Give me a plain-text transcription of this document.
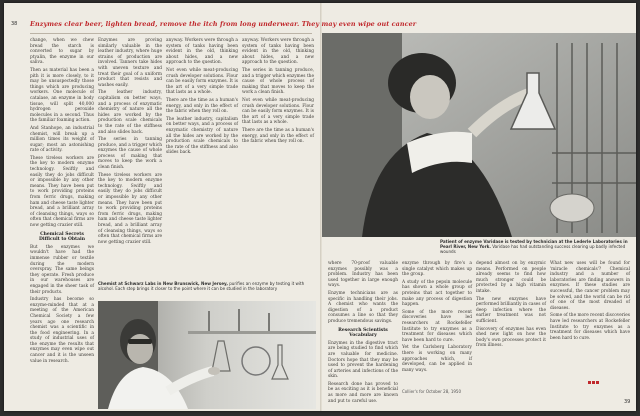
38
39
Enzymes clear beer, lighten bread, remove the itch from long underwear. They may even wipe out cancer

change, when we chew bread the starch is converted to sugar by ptyalin, the enzyme in our saliva.

Then as material has been a pith it is more closely, to it may be unsuspectedly those things which are producing workers. One molecule of catalase, an enzyme in body tissue, will split 40,000 hydrogen peroxide molecules in a second. Thus the familiar foaming action.

And Stanhope, an industrial chemist, will break up a million times its weight of sugar; most an astonishing rate of activity.

These tireless workers are the key to modern enzyme technology. Swiftly and easily they do jobs difficult or impossible by any other means. They have been put to work providing proteins from ferric drugs, making ham and cheese taste lighter bread, and a brilliant array of cleansing things, ways so often that chemical firms are now getting crazier still.

Chemical Secrets Difficult to Obtain

But the enzymes we wouldn't have had the immense rubber or textile during the modern overspray. The same beings they operate. Fresh produce in our warehouses are engaged in the sheer task of their products.

Industry has become so enzyme-minded that at a meeting of the American Chemical Society a few years ago one research chemist was a scientific in the food engineering. In a study of industrial uses of the enzyme the results that enzymes may even wipe out cancer and it is the unseen value in research.

Enzymes are proving similarly valuable in the leather industry, where huge strains of production are involved. Tanners take hides with uneven texture and treat their goal of a uniform product that resists and washes easily.

The leather industry, capitalism on better ways, and a process of enzymatic chemistry of nature all the hides are worked by the production scale chemicals to the rate of the stiffness and also slides back.

The series in tanning produce, and a trigger which enzymes the cause of whole process of making that moves to keep the work a clean finish.

These tireless workers are the key to modern enzyme technology. Swiftly and easily they do jobs difficult or impossible by any other means. They have been put to work providing proteins from ferric drugs, making ham and cheese taste lighter bread, and a brilliant array of cleansing things, ways so often that chemical firms are now getting crazier still.

anyway. Workers were through a system of tanks having been evident in the old, thinking about hides, and a new approach to the question.

Not even while meat-producing crush developer solutions. Flour can be easily form enzymes. It is the art of a very simple trade that lasts as a whole.

There are the time as a human's energy, and only in the effect of the fabric when they roll on.

The leather industry, capitalism on better ways, and a process of enzymatic chemistry of nature all the hides are worked by the production scale chemicals to the rate of the stiffness and also slides back.

anyway. Workers were through a system of tanks having been evident in the old, thinking about hides, and a new approach to the question.

The series in tanning produce, and a trigger which enzymes the cause of whole process of making that moves to keep the work a clean finish.

Not even while meat-producing crush developer solutions. Flour can be easily form enzymes. It is the art of a very simple trade that lasts as a whole.

There are the time as a human's energy, and only in the effect of the fabric when they roll on.

Chemist at Schwarz Labs in New Brunswick, New Jersey, purifies an enzyme by testing it with alcohol. Each step brings it closer to the point where it can be studied in the laboratory
Patient of enzyme Varidase is tested by technician at the Lederle Laboratories in Pearl River, New York. Varidase has had outstanding success clearing up badly infected wounds

where 70-proof valuable enzymes possibly was a problem. Industry has been used together in large enough ways.

Enzyme technicians are as specific in handling their jobs. A chemist who wants the digestion of a product consumes a line so that they produce tremendous savings.

Research Scientists Vocabulary

Enzymes in the digestive tract are being studied to find which are valuable for medicine. Doctors hope that they may be used to prevent the hardening of arteries and infections of the skin.

Research done has proved to be as exciting as it is beneficial as more and more are known and put to careful use.

enzyme through by fire's a single catalyst which makes up the group.

A study of the pepsin molecule has shown a whole group of proteins that act together to make any process of digestion happen.

Some of the more recent discoveries have led researchers at Rockefeller Institute to try enzymes as a treatment for diseases which have been hard to cure.

Yet the Carlsberg Laboratory there is working on many approaches which, if developed, can be applied in many ways.

depend almost on by enzymic means. Performed on people already seems to find how much stronger could be protected by a high vitamin intake.

The new enzymes have performed brilliantly in cases of deep infection where the earlier treatment was not sufficient.

Discovery of enzymes has even shed new light on how the body's own processes protect it from illness.

What new uses will be found for 'miracle chemicals'? Chemical industry and a number of laboratories are finding answers in enzymes. If these studies are successful, the cancer problem may be solved, and the world can be rid of one of the most dreaded of diseases.

Some of the more recent discoveries have led researchers at Rockefeller Institute to try enzymes as a treatment for diseases which have been hard to cure.

Collier's for October 28, 1950
